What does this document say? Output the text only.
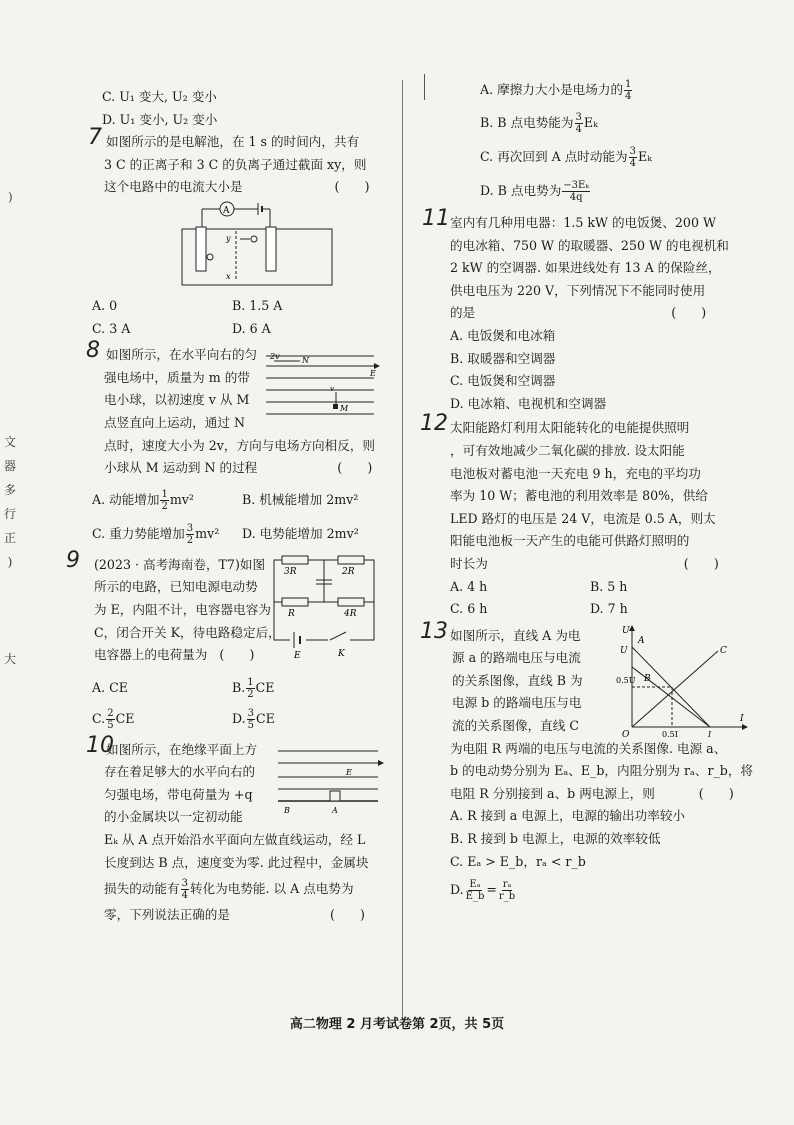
)
文
器
多
行
正
)
大
C. U₁ 变大, U₂ 变小
D. U₁ 变小, U₂ 变小
7 如图所示的是电解池，在 1 s 的时间内，共有
3 C 的正离子和 3 C 的负离子通过截面 xy，则
这个电路中的电流大小是	(　　)
A
y
x
A. 0	B. 1.5 A
C. 3 A	D. 6 A
8	2v	N
E
v
M
如图所示，在水平向右的匀
强电场中，质量为 m 的带
电小球，以初速度 v 从 M
点竖直向上运动，通过 N
点时，速度大小为 2v，方向与电场方向相反，则
小球从 M 运动到 N 的过程	(　　)
A. 动能增加 $\frac{1}{2} mv^2$	B. 机械能增加 2mv²
C. 重力势能增加 $\frac{3}{2} mv^2$	D. 电势能增加 2mv²
9	3R	2R
R	4R
E	K
(2023 · 高考海南卷，T7)如图
所示的电路，已知电源电动势
为 E，内阻不计，电容器电容为
C，闭合开关 K，待电路稳定后，
电容器上的电荷量为 (　　)
A. CE	B. $\frac{1}{2}$ CE
C. $\frac{2}{5}$ CE	D. $\frac{3}{5}$ CE
10
E
B	A
如图所示，在绝缘平面上方
存在着足够大的水平向右的
匀强电场，带电荷量为 +q
的小金属块以一定初动能
Eₖ 从 A 点开始沿水平面向左做直线运动，经 L
长度到达 B 点，速度变为零. 此过程中，金属块
损失的动能有 $\frac{3}{4}$ 转化为电势能. 以 A 点电势为
零，下列说法正确的是	(　　)
A. 摩擦力大小是电场力的 $\frac{1}{4}$
B. B 点电势能为 $\frac{3}{4}$ Eₖ
C. 再次回到 A 点时动能为 $\frac{3}{4}$ Eₖ
D. B 点电势为 $\frac{\text{−3Eₖ}}{4q}$
11 室内有几种用电器：1.5 kW 的电饭煲、200 W
的电冰箱、750 W 的取暖器、250 W 的电视机和
2 kW 的空调器. 如果进线处有 13 A 的保险丝，
供电电压为 220 V，下列情况下不能同时使用
的是	(　　)
A. 电饭煲和电冰箱
B. 取暖器和空调器
C. 电饭煲和空调器
D. 电冰箱、电视机和空调器
12 太阳能路灯利用太阳能转化的电能提供照明
，可有效地减少二氧化碳的排放. 设太阳能
电池板对蓄电池一天充电 9 h，充电的平均功
率为 10 W；蓄电池的利用效率是 80%，供给
LED 路灯的电压是 24 V，电流是 0.5 A，则太
阳能电池板一天产生的电能可供路灯照明的
时长为	(　　)
A. 4 h	B. 5 h
C. 6 h	D. 7 h
13	U
I
O
U
A
B
C
0.5U
0.5I	I
如图所示，直线 A 为电
源 a 的路端电压与电流
的关系图像，直线 B 为
电源 b 的路端电压与电
流的关系图像，直线 C
为电阻 R 两端的电压与电流的关系图像. 电源 a、
b 的电动势分别为 Eₐ、E_b，内阻分别为 rₐ、r_b，将
电阻 R 分别接到 a、b 两电源上，则	(　　)
A. R 接到 a 电源上，电源的输出功率较小
B. R 接到 b 电源上，电源的效率较低
C. Eₐ > E_b，rₐ < r_b
D. $\frac{\text{Eₐ}}{E\_b} = \frac{\text{rₐ}}{r\_b}$
高二物理 2 月考试卷第 2页，共 5页
